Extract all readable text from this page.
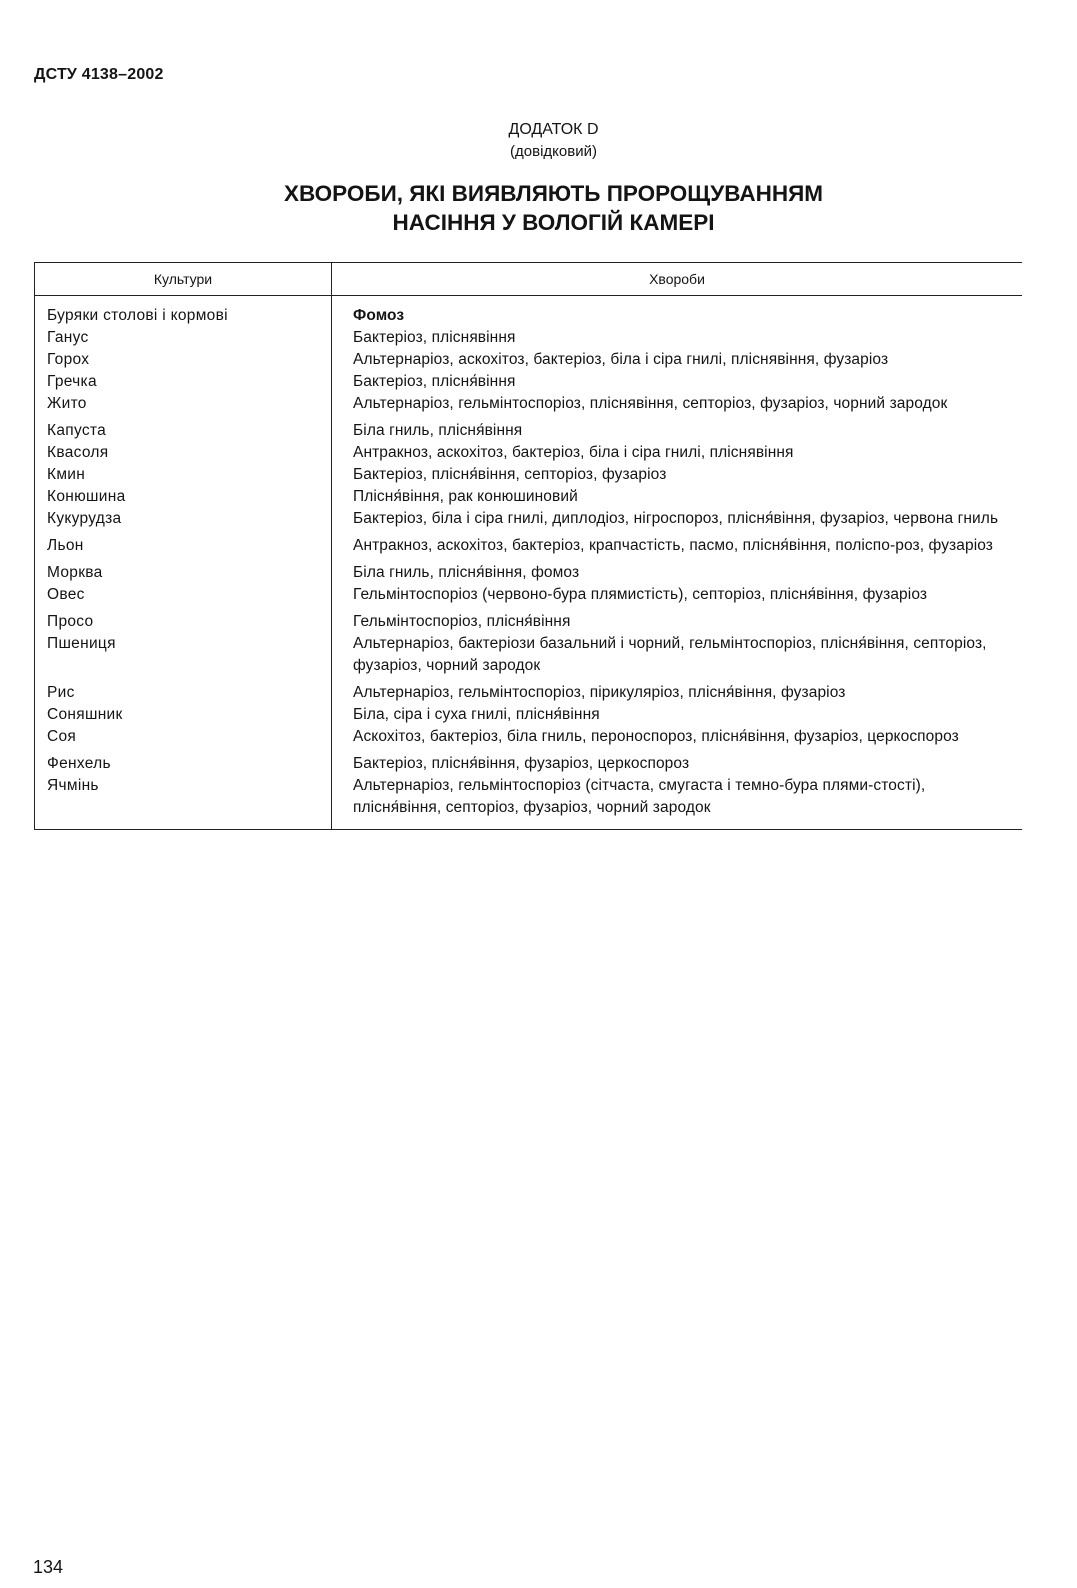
ДСТУ 4138–2002
ДОДАТОК D
(довідковий)
ХВОРОБИ, ЯКІ ВИЯВЛЯЮТЬ ПРОРОЩУВАННЯМ
НАСІННЯ У ВОЛОГІЙ КАМЕРІ
Культури	Хвороби
Буряки столові і кормові	Фомоз
Ганус	Бактеріоз, пліснявіння
Горох	Альтернаріоз, аскохітоз, бактеріоз, біла і сіра гнилі, пліснявіння, фузаріоз
Гречка	Бактеріоз, плісня́віння
Жито	Альтернаріоз, гельмінтоспоріоз, пліснявіння, септоріоз, фузаріоз, чорний зародок
Капуста	Біла гниль, плісня́віння
Квасоля	Антракноз, аскохітоз, бактеріоз, біла і сіра гнилі, пліснявіння
Кмин	Бактеріоз, плісня́віння, септоріоз, фузаріоз
Конюшина	Плісня́віння, рак конюшиновий
Кукурудза	Бактеріоз, біла і сіра гнилі, диплодіоз, нігроспороз, плісня́віння, фузаріоз, червона гниль
Льон	Антракноз, аскохітоз, бактеріоз, крапчастість, пасмо, плісня́віння, поліспо-роз, фузаріоз
Морква	Біла гниль, плісня́віння, фомоз
Овес	Гельмінтоспоріоз (червоно-бура плямистість), септоріоз, плісня́віння, фузаріоз
Просо	Гельмінтоспоріоз, плісня́віння
Пшениця	Альтернаріоз, бактеріози базальний і чорний, гельмінтоспоріоз, плісня́віння, септоріоз, фузаріоз, чорний зародок
Рис	Альтернаріоз, гельмінтоспоріоз, пірикуляріоз, плісня́віння, фузаріоз
Соняшник	Біла, сіра і суха гнилі, плісня́віння
Соя	Аскохітоз, бактеріоз, біла гниль, пероноспороз, плісня́віння, фузаріоз, церкоспороз
Фенхель	Бактеріоз, плісня́віння, фузаріоз, церкоспороз
Ячмінь	Альтернаріоз, гельмінтоспоріоз (сітчаста, смугаста і темно-бура плями-стості), плісня́віння, септоріоз, фузаріоз, чорний зародок
134
